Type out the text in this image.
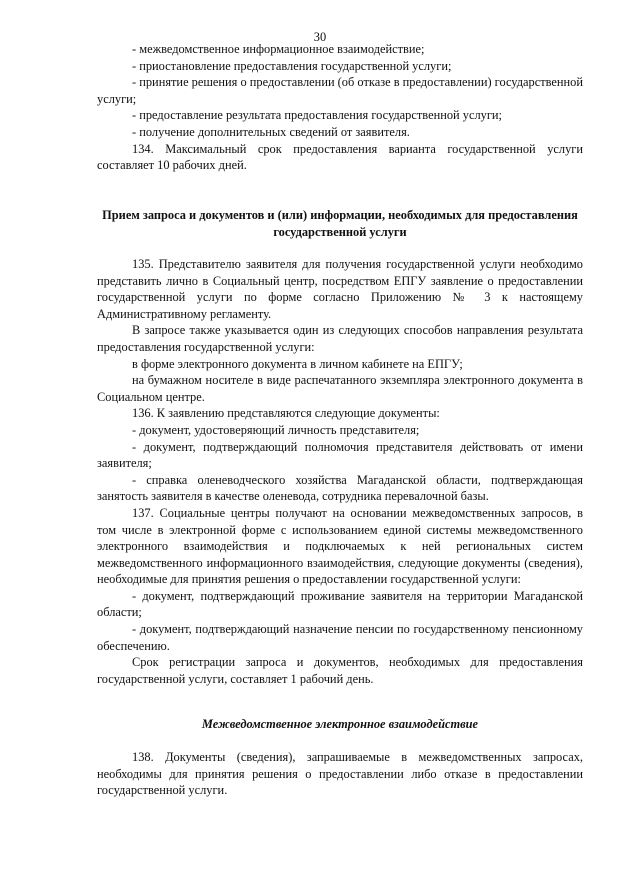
30

- межведомственное информационное взаимодействие;

- приостановление предоставления государственной услуги;

- принятие решения о предоставлении (об отказе в предоставлении) государственной услуги;

- предоставление результата предоставления государственной услуги;

- получение дополнительных сведений от заявителя.

134. Максимальный срок предоставления варианта государственной услуги составляет 10 рабочих дней.

Прием запроса и документов и (или) информации, необходимых для предоставления государственной услуги

135. Представителю заявителя для получения государственной услуги необходимо представить лично в Социальный центр, посредством ЕПГУ заявление о предоставлении государственной услуги по форме согласно Приложению № 3 к настоящему Административному регламенту.

В запросе также указывается один из следующих способов направления результата предоставления государственной услуги:

в форме электронного документа в личном кабинете на ЕПГУ;

на бумажном носителе в виде распечатанного экземпляра электронного документа в Социальном центре.

136. К заявлению представляются следующие документы:

- документ, удостоверяющий личность представителя;

- документ, подтверждающий полномочия представителя действовать от имени заявителя;

- справка оленеводческого хозяйства Магаданской области, подтверждающая занятость заявителя в качестве оленевода, сотрудника перевалочной базы.

137. Социальные центры получают на основании межведомственных запросов, в том числе в электронной форме с использованием единой системы межведомственного электронного взаимодействия и подключаемых к ней региональных систем межведомственного информационного взаимодействия, следующие документы (сведения), необходимые для принятия решения о предоставлении государственной услуги:

- документ, подтверждающий проживание заявителя на территории Магаданской области;

- документ, подтверждающий назначение пенсии по государственному пенсионному обеспечению.

Срок регистрации запроса и документов, необходимых для предоставления государственной услуги, составляет 1 рабочий день.

Межведомственное электронное взаимодействие

138. Документы (сведения), запрашиваемые в межведомственных запросах, необходимы для принятия решения о предоставлении либо отказе в предоставлении государственной услуги.
